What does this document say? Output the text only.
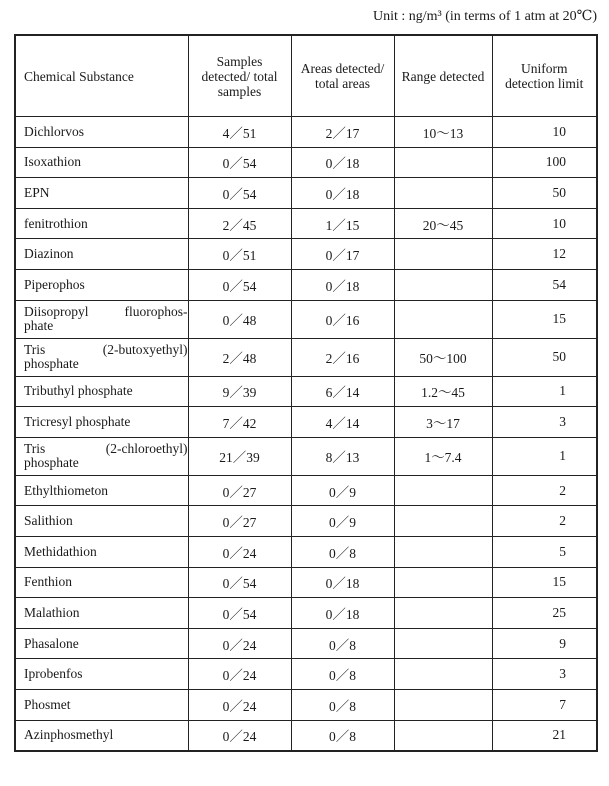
Unit : ng/m³ (in terms of 1 atm at 20℃)
Chemical Substance	Samples detected/ total samples	Areas detected/ total areas	Range detected	Uniform detection limit
Dichlorvos	4／51	2／17	10～13	10
Isoxathion	0／54	0／18		100
EPN	0／54	0／18		50
fenitrothion	2／45	1／15	20～45	10
Diazinon	0／51	0／17		12
Piperophos	0／54	0／18		54

Diisopropyl fluorophos-
phate	0／48	0／16		15

Tris (2-butoxyethyl)
phosphate	2／48	2／16	50～100	50
Tributhyl phosphate	9／39	6／14	1.2～45	1
Tricresyl phosphate	7／42	4／14	3～17	3

Tris (2-chloroethyl)
phosphate	21／39	8／13	1～7.4	1
Ethylthiometon	0／27	0／9		2
Salithion	0／27	0／9		2
Methidathion	0／24	0／8		5
Fenthion	0／54	0／18		15
Malathion	0／54	0／18		25
Phasalone	0／24	0／8		9
Iprobenfos	0／24	0／8		3
Phosmet	0／24	0／8		7
Azinphosmethyl	0／24	0／8		21
